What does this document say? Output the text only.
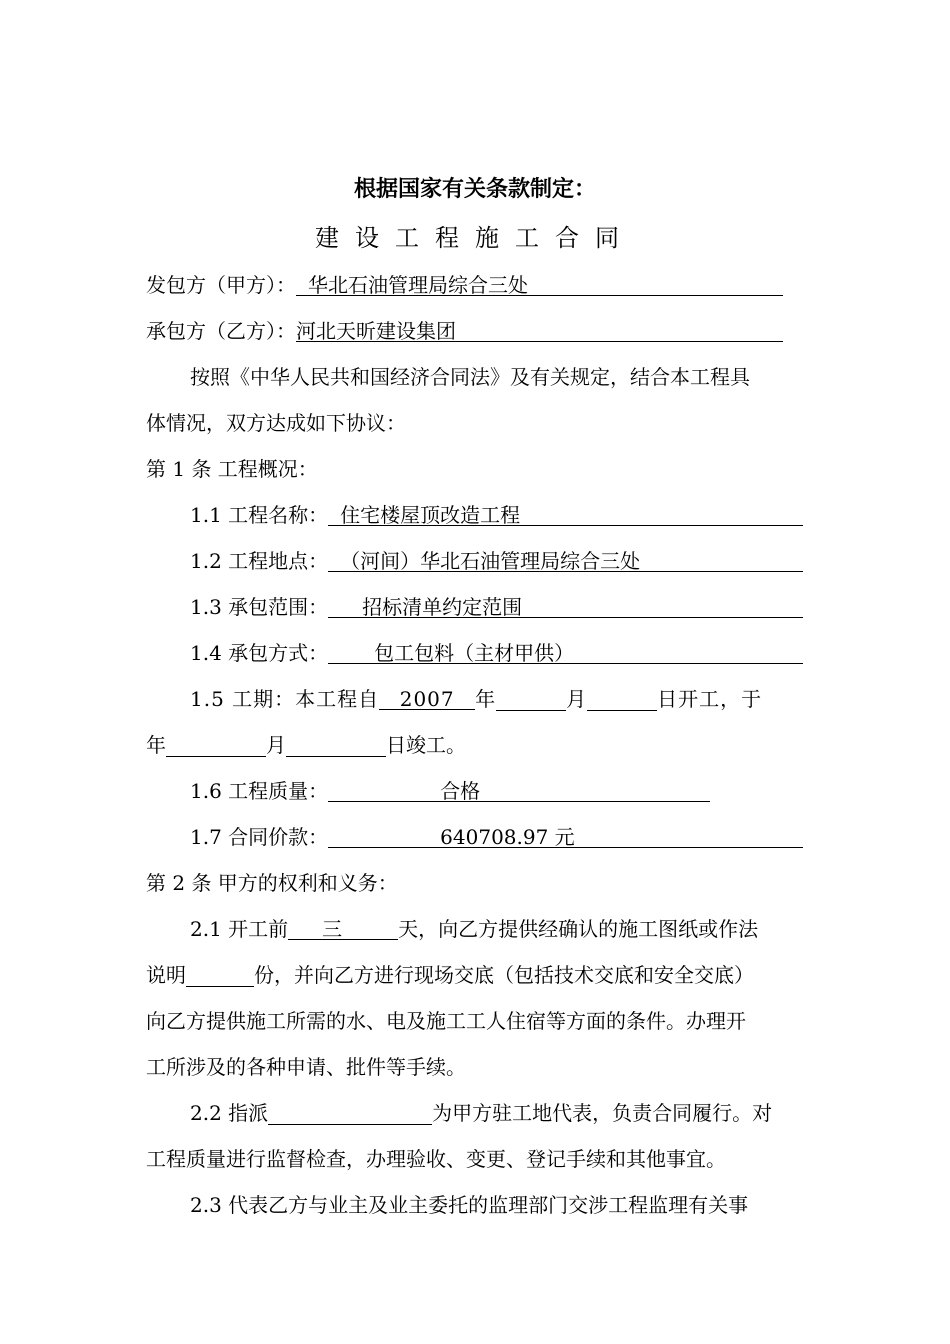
根据国家有关条款制定：
建设工程施工合同
发包方（甲方）： 华北石油管理局综合三处
承包方（乙方）：河北天昕建设集团
按照《中华人民共和国经济合同法》及有关规定，结合本工程具
体情况，双方达成如下协议：
第 1 条 工程概况：
1.1 工程名称： 住宅楼屋顶改造工程
1.2 工程地点： （河间）华北石油管理局综合三处
1.3 承包范围： 招标清单约定范围
1.4 承包方式： 包工包料（主材甲供）
1.5 工期：本工程自 2007 年	月	日开工，于
年	月	日竣工。
1.6 工程质量：	合格
1.7 合同价款：	640708.97 元
第 2 条 甲方的权利和义务：
2.1 开工前 三	天，向乙方提供经确认的施工图纸或作法
说明	份，并向乙方进行现场交底（包括技术交底和安全交底）
向乙方提供施工所需的水、电及施工工人住宿等方面的条件。办理开
工所涉及的各种申请、批件等手续。
2.2 指派	为甲方驻工地代表，负责合同履行。对
工程质量进行监督检查，办理验收、变更、登记手续和其他事宜。
2.3 代表乙方与业主及业主委托的监理部门交涉工程监理有关事
